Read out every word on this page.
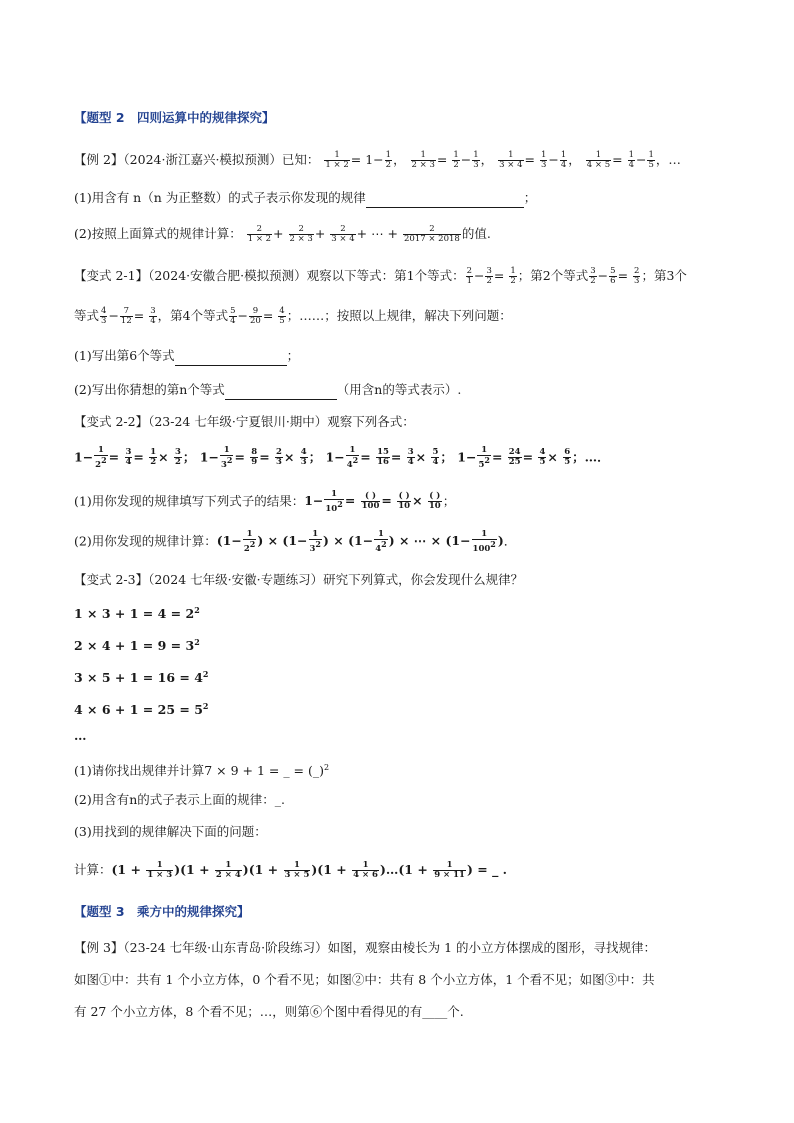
【题型 2　四则运算中的规律探究】
【例 2】（2024·浙江嘉兴·模拟预测）已知： $\frac{1}{1 \times 2} = 1- \frac{1}{2}$ ， $\frac{1}{2 \times 3} = \frac{1}{2} - \frac{1}{3}$ ， $\frac{1}{3 \times 4} = \frac{1}{3} - \frac{1}{4}$ ， $\frac{1}{4 \times 5} = \frac{1}{4} - \frac{1}{5}$ ，…
(1)用含有 n（n 为正整数）的式子表示你发现的规律	；
(2)按照上面算式的规律计算： $\frac{2}{1 \times 2} + \frac{2}{2 \times 3} + \frac{2}{3 \times 4}$ + ⋯ + $\frac{2}{2017 \times 2018}$ 的值.
【变式 2-1】（2024·安徽合肥·模拟预测）观察以下等式：第1个等式： $\frac{2}{1} - \frac{3}{2} = \frac{1}{2}$ ；第2个等式 $\frac{3}{2} - \frac{5}{6} = \frac{2}{3}$ ；第3个
等式 $\frac{4}{3} - \frac{7}{12} = \frac{3}{4}$ ，第4个等式 $\frac{5}{4} - \frac{9}{20} = \frac{4}{5}$ ；……；按照以上规律，解决下列问题：
(1)写出第6个等式	；
(2)写出你猜想的第n个等式	（用含n的等式表示）.
【变式 2-2】（23-24 七年级·宁夏银川·期中）观察下列各式：
$1- \frac{1}{2^2} = \frac{3}{4} = \frac{1}{2} \times \frac{3}{2}$ ； $1- \frac{1}{3^2} = \frac{8}{9} = \frac{2}{3} \times \frac{4}{3}$ ； $1- \frac{1}{4^2} = \frac{15}{16} = \frac{3}{4} \times \frac{5}{4}$ ； $1- \frac{1}{5^2} = \frac{24}{25} = \frac{4}{5} \times \frac{6}{5}$ ；…．
(1)用你发现的规律填写下列式子的结果：$1- \frac{1}{10^2} = \frac{( )}{100} = \frac{( )}{10} \times \frac{( )}{10}$ ；
(2)用你发现的规律计算：($1- \frac{1}{2^2}$ ) × ($1- \frac{1}{3^2}$ ) × ($1- \frac{1}{4^2}$ ) × ⋯ × ($1- \frac{1}{100^2}$ )．
【变式 2-3】（2024 七年级·安徽·专题练习）研究下列算式，你会发现什么规律？
$1 \times 3 + 1 = 4 = 2^2$
$2 \times 4 + 1 = 9 = 3^2$
$3 \times 5 + 1 = 16 = 4^2$
$4 \times 6 + 1 = 25 = 5^2$
…
(1)请你找出规律并计算7 × 9 + 1 = _ = (_)$^2$
(2)用含有n的式子表示上面的规律：_.
(3)用找到的规律解决下面的问题：
计算：$(1 + \frac{1}{1 \times 3} )(1 + \frac{1}{2 \times 4} )(1 + \frac{1}{3 \times 5} )(1 + \frac{1}{4 \times 6}$ )…(1 + $\frac{1}{9 \times 11}$ ) = _ .
【题型 3　乘方中的规律探究】
【例 3】（23-24 七年级·山东青岛·阶段练习）如图，观察由棱长为 1 的小立方体摆成的图形，寻找规律：
如图①中：共有 1 个小立方体，0 个看不见；如图②中：共有 8 个小立方体，1 个看不见；如图③中：共
有 27 个小立方体，8 个看不见；…，则第⑥个图中看得见的有____个.
